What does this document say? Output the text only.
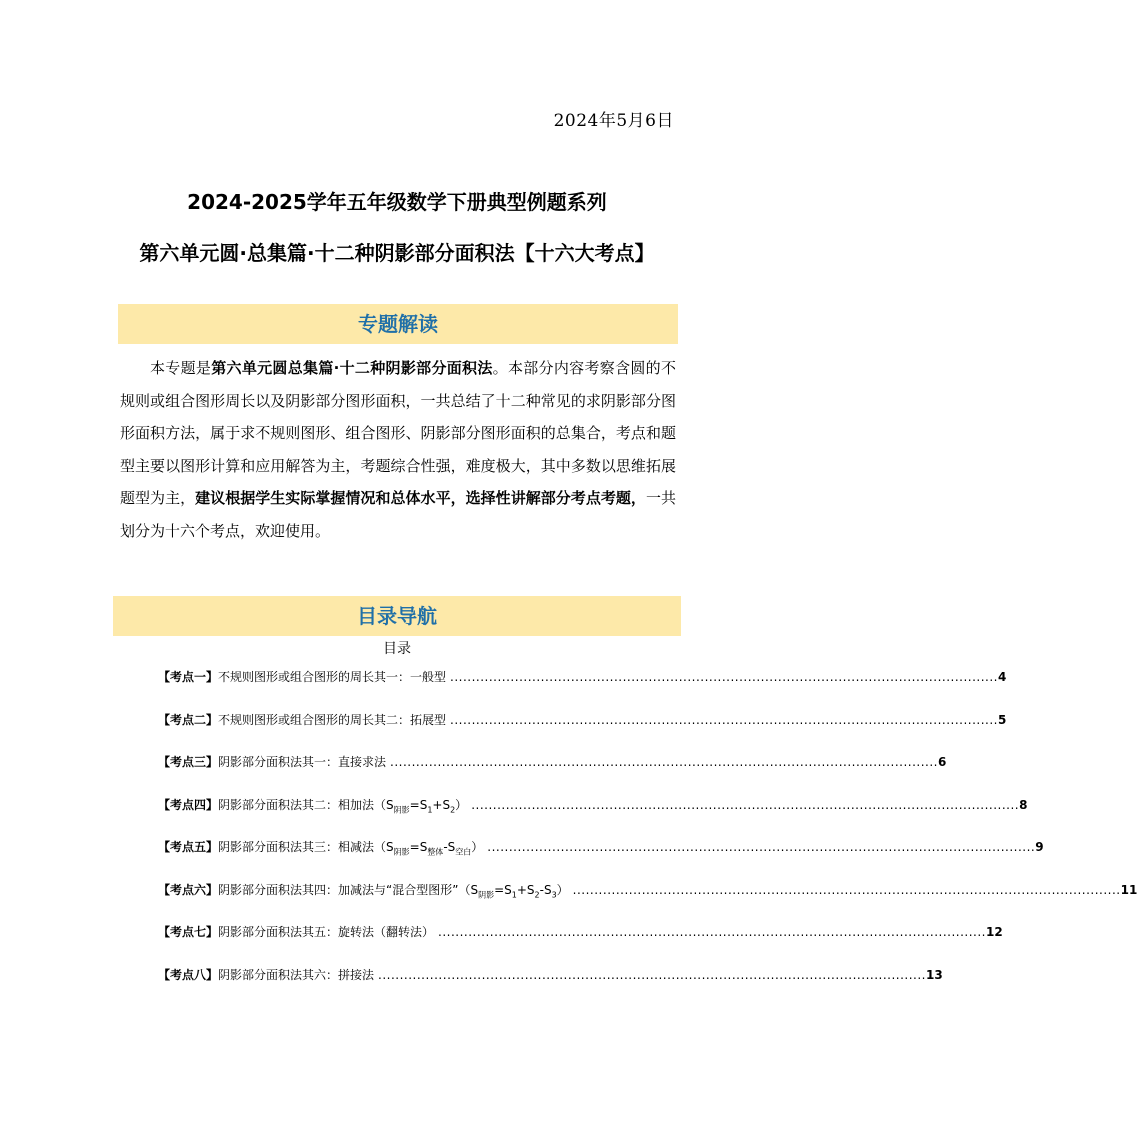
2024年5月6日
2024-2025学年五年级数学下册典型例题系列
第六单元圆·总集篇·十二种阴影部分面积法【十六大考点】
专题解读

本专题是第六单元圆总集篇·十二种阴影部分面积法。本部分内容考察含圆的不规则或组合图形周长以及阴影部分图形面积，一共总结了十二种常见的求阴影部分图形面积方法，属于求不规则图形、组合图形、阴影部分图形面积的总集合，考点和题型主要以图形计算和应用解答为主，考题综合性强，难度极大，其中多数以思维拓展题型为主，建议根据学生实际掌握情况和总体水平，选择性讲解部分考点考题，一共划分为十六个考点，欢迎使用。

目录导航
目录
【考点一】不规则图形或组合图形的周长其一：一般型 ............................................................................................................................... 4
【考点二】不规则图形或组合图形的周长其二：拓展型 ............................................................................................................................... 5
【考点三】阴影部分面积法其一：直接求法 ............................................................................................................................... 6
【考点四】阴影部分面积法其二：相加法$(S_{阴影}=S_1+S_2)$ ............................................................................................................................... 8
【考点五】阴影部分面积法其三：相减法$(S_{阴影}=S_{整体}-S_{空白})$ ............................................................................................................................... 9
【考点六】阴影部分面积法其四：加减法与“混合型图形$”(S_{阴影}=S_1+S_2-S_3)$ ............................................................................................................................... 11
【考点七】阴影部分面积法其五：旋转法（翻转法） ............................................................................................................................... 12
【考点八】阴影部分面积法其六：拼接法 ............................................................................................................................... 13
